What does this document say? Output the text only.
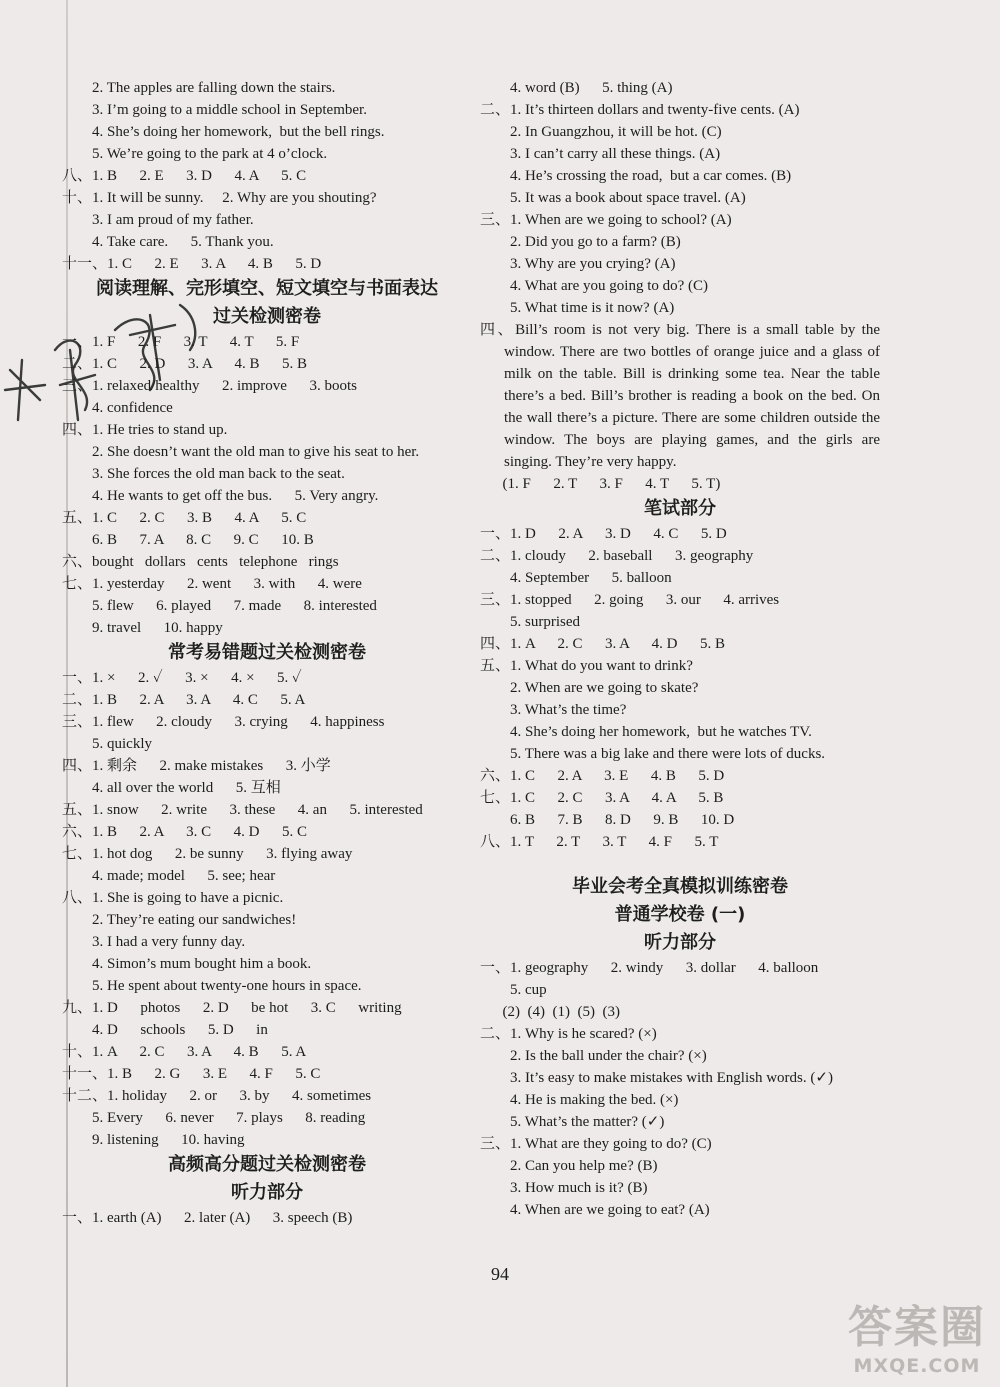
2. The apples are falling down the stairs.
3. I’m going to a middle school in September.
4. She’s doing her homework,  but the bell rings.
5. We’re going to the park at 4 o’clock.
八、1. B      2. E      3. D      4. A      5. C
十、1. It will be sunny.     2. Why are you shouting?
3. I am proud of my father.
4. Take care.      5. Thank you.
十一、1. C      2. E      3. A      4. B      5. D
阅读理解、完形填空、短文填空与书面表达
过关检测密卷
一、1. F      2. F      3. T      4. T      5. F
二、1. C      2. D      3. A      4. B      5. B
三、1. relaxed/healthy      2. improve      3. boots
4. confidence
四、1. He tries to stand up.
2. She doesn’t want the old man to give his seat to her.
3. She forces the old man back to the seat.
4. He wants to get off the bus.      5. Very angry.
五、1. C      2. C      3. B      4. A      5. C
6. B      7. A      8. C      9. C      10. B
六、bought   dollars   cents   telephone   rings
七、1. yesterday      2. went      3. with      4. were
5. flew      6. played      7. made      8. interested
9. travel      10. happy
常考易错题过关检测密卷
一、1. ×      2. ✓      3. ×      4. ×      5. ✓
二、1. B      2. A      3. A      4. C      5. A
三、1. flew      2. cloudy      3. crying      4. happiness
5. quickly
四、1. 剩余      2. make mistakes      3. 小学
4. all over the world      5. 互相
五、1. snow      2. write      3. these      4. an      5. interested
六、1. B      2. A      3. C      4. D      5. C
七、1. hot dog      2. be sunny      3. flying away
4. made; model      5. see; hear
八、1. She is going to have a picnic.
2. They’re eating our sandwiches!
3. I had a very funny day.
4. Simon’s mum bought him a book.
5. He spent about twenty-one hours in space.
九、1. D      photos      2. D      be hot      3. C      writing
4. D      schools      5. D      in
十、1. A      2. C      3. A      4. B      5. A
十一、1. B      2. G      3. E      4. F      5. C
十二、1. holiday      2. or      3. by      4. sometimes
5. Every      6. never      7. plays      8. reading
9. listening      10. having
高频高分题过关检测密卷
听力部分
一、1. earth (A)      2. later (A)      3. speech (B)
4. word (B)      5. thing (A)
二、1. It’s thirteen dollars and twenty-five cents. (A)
2. In Guangzhou, it will be hot. (C)
3. I can’t carry all these things. (A)
4. He’s crossing the road,  but a car comes. (B)
5. It was a book about space travel. (A)
三、1. When are we going to school? (A)
2. Did you go to a farm? (B)
3. Why are you crying? (A)
4. What are you going to do? (C)
5. What time is it now? (A)

四、Bill’s room is not very big. There is a small table by the window. There are two bottles of orange juice and a glass of milk on the table. Bill is drinking some tea. Near the table there’s a bed. Bill’s brother is reading a book on the bed. On the wall there’s a picture. There are some children outside the window. The boys are playing games, and the girls are singing. They’re very happy.

(1. F      2. T      3. F      4. T      5. T)
笔试部分
一、1. D      2. A      3. D      4. C      5. D
二、1. cloudy      2. baseball      3. geography
4. September      5. balloon
三、1. stopped      2. going      3. our      4. arrives
5. surprised
四、1. A      2. C      3. A      4. D      5. B
五、1. What do you want to drink?
2. When are we going to skate?
3. What’s the time?
4. She’s doing her homework,  but he watches TV.
5. There was a big lake and there were lots of ducks.
六、1. C      2. A      3. E      4. B      5. D
七、1. C      2. C      3. A      4. A      5. B
6. B      7. B      8. D      9. B      10. D
八、1. T      2. T      3. T      4. F      5. T
毕业会考全真模拟训练密卷
普通学校卷 (一)
听力部分
一、1. geography      2. windy      3. dollar      4. balloon
5. cup
(2)  (4)  (1)  (5)  (3)
二、1. Why is he scared? (×)
2. Is the ball under the chair? (×)
3. It’s easy to make mistakes with English words. (✓)
4. He is making the bed. (×)
5. What’s the matter? (✓)
三、1. What are they going to do? (C)
2. Can you help me? (B)
3. How much is it? (B)
4. When are we going to eat? (A)
94
答案圈
MXQE.COM
